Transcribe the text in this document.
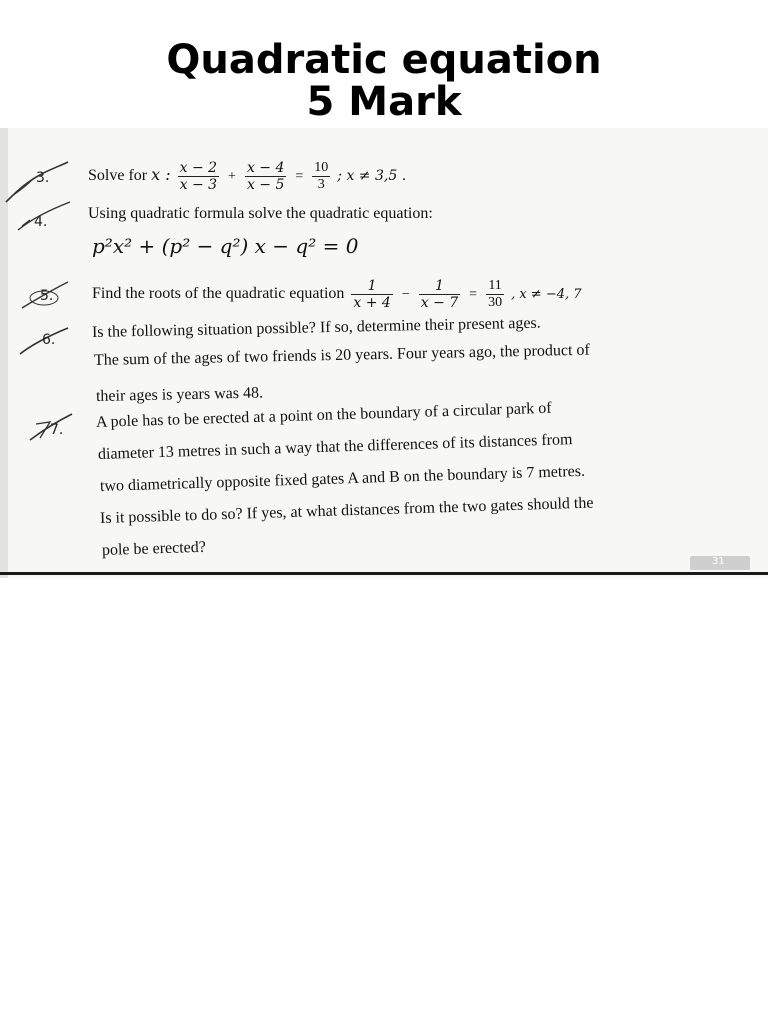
Quadratic equation
5 Mark
3. Solve for x : $\frac{x - 2}{x - 3} + \frac{x - 4}{x - 5} = \frac{10}{3}$ ; x ≠ 3,5 .
4.	Using quadratic formula solve the quadratic equation:
p²x² + (p² − q²) x − q² = 0
5. Find the roots of the quadratic equation $\frac{1}{x + 4} - \frac{1}{x - 7} = \frac{11}{30}$ , x ≠ −4, 7
6. Is the following situation possible? If so, determine their present ages.
The sum of the ages of two friends is 20 years. Four years ago, the product of
their ages is years was 48.
7. A pole has to be erected at a point on the boundary of a circular park of
diameter 13 metres in such a way that the differences of its distances from
two diametrically opposite fixed gates A and B on the boundary is 7 metres.
Is it possible to do so? If yes, at what distances from the two gates should the
pole be erected?
31
